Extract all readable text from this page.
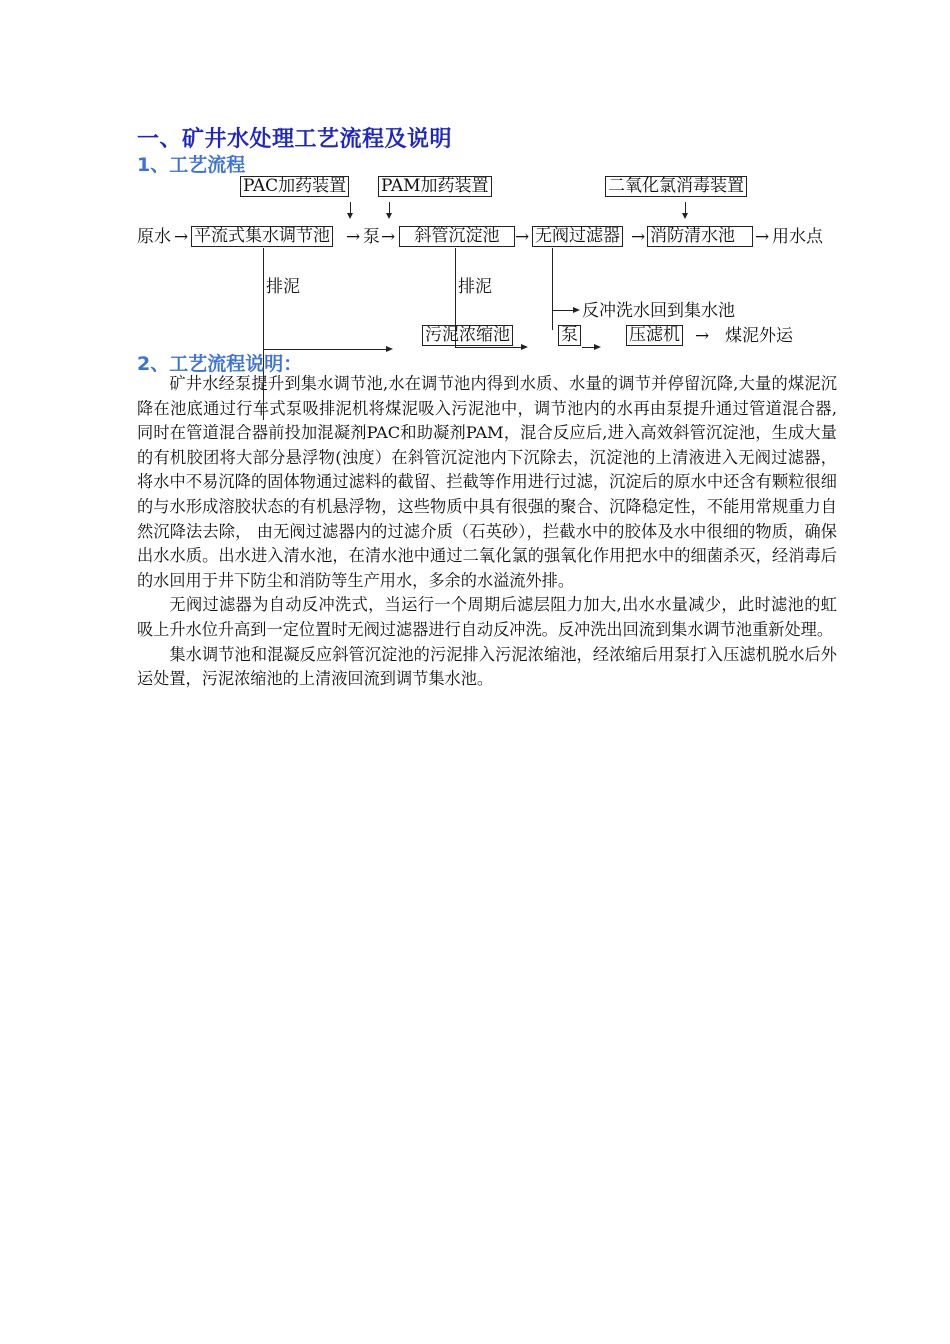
一、矿井水处理工艺流程及说明
1、工艺流程
PAC加药装置 PAM加药装置	二氧化氯消毒装置
原水 → 平流式集水调节池 → 泵 →	斜管沉淀池 → 无阀过滤器 → 消防清水池	→ 用水点
排泥	排泥
反冲洗水回到集水池
污泥浓缩池	泵	压滤机 → 煤泥外运
2、工艺流程说明：

矿井水经泵提升到集水调节池,水在调节池内得到水质、水量的调节并停留沉降,大量的煤泥沉降在池底通过行车式泵吸排泥机将煤泥吸入污泥池中，调节池内的水再由泵提升通过管道混合器,同时在管道混合器前投加混凝剂PAC和助凝剂PAM，混合反应后,进入高效斜管沉淀池，生成大量的有机胶团将大部分悬浮物(浊度）在斜管沉淀池内下沉除去，沉淀池的上清液进入无阀过滤器，将水中不易沉降的固体物通过滤料的截留、拦截等作用进行过滤，沉淀后的原水中还含有颗粒很细的与水形成溶胶状态的有机悬浮物，这些物质中具有很强的聚合、沉降稳定性，不能用常规重力自然沉降法去除， 由无阀过滤器内的过滤介质（石英砂），拦截水中的胶体及水中很细的物质，确保出水水质。出水进入清水池，在清水池中通过二氧化氯的强氧化作用把水中的细菌杀灭，经消毒后的水回用于井下防尘和消防等生产用水，多余的水溢流外排。

无阀过滤器为自动反冲洗式，当运行一个周期后滤层阻力加大,出水水量减少，此时滤池的虹吸上升水位升高到一定位置时无阀过滤器进行自动反冲洗。反冲洗出回流到集水调节池重新处理。

集水调节池和混凝反应斜管沉淀池的污泥排入污泥浓缩池，经浓缩后用泵打入压滤机脱水后外运处置，污泥浓缩池的上清液回流到调节集水池。
